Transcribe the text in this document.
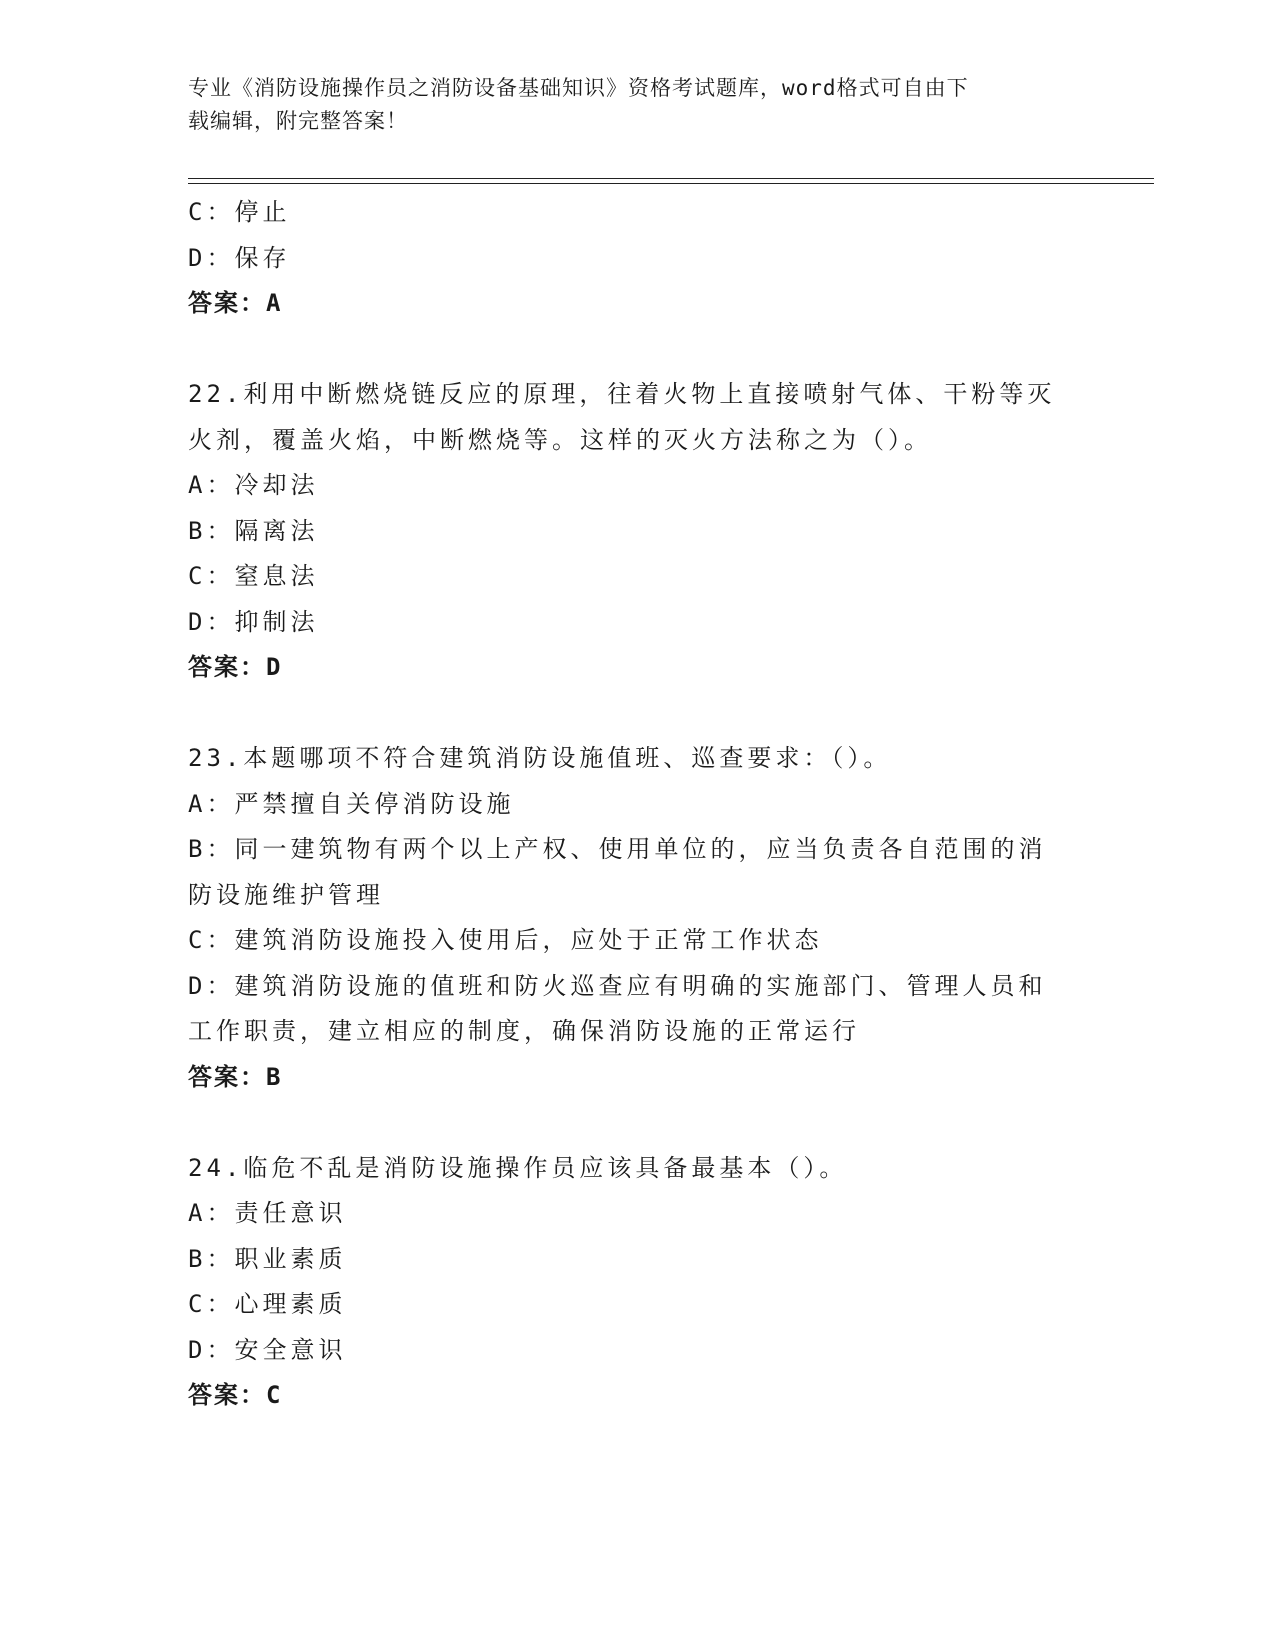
专业《消防设施操作员之消防设备基础知识》资格考试题库，word格式可自由下
载编辑，附完整答案！
C：停止
D：保存
答案：A
22.利用中断燃烧链反应的原理，往着火物上直接喷射气体、干粉等灭
火剂，覆盖火焰，中断燃烧等。这样的灭火方法称之为（）。
A：冷却法
B：隔离法
C：窒息法
D：抑制法
答案：D
23.本题哪项不符合建筑消防设施值班、巡查要求：（）。
A：严禁擅自关停消防设施
B：同一建筑物有两个以上产权、使用单位的，应当负责各自范围的消
防设施维护管理
C：建筑消防设施投入使用后，应处于正常工作状态
D：建筑消防设施的值班和防火巡查应有明确的实施部门、管理人员和
工作职责，建立相应的制度，确保消防设施的正常运行
答案：B
24.临危不乱是消防设施操作员应该具备最基本（）。
A：责任意识
B：职业素质
C：心理素质
D：安全意识
答案：C
